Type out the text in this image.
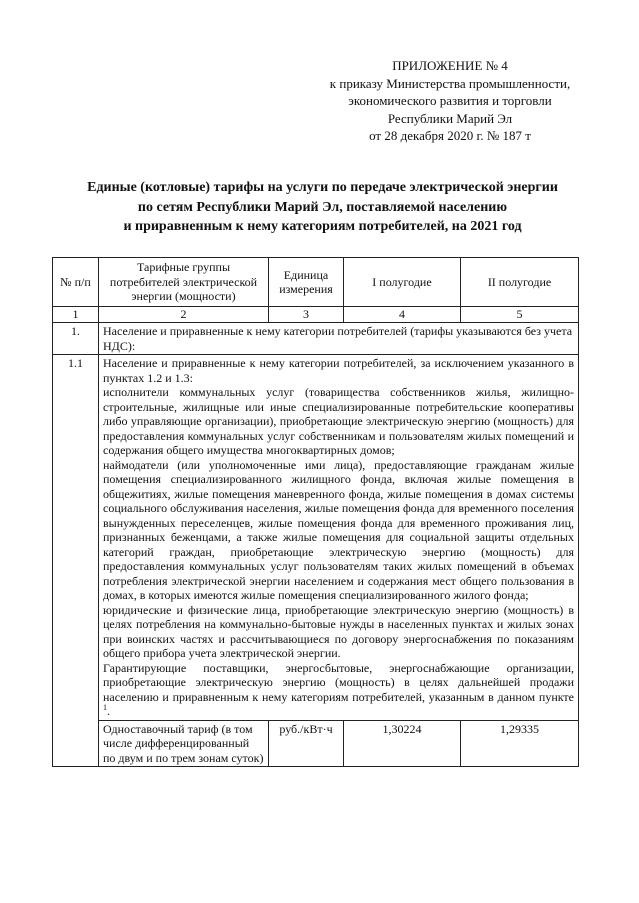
ПРИЛОЖЕНИЕ № 4
к приказу Министерства промышленности,
экономического развития и торговли
Республики Марий Эл
от 28 декабря 2020 г. № 187 т
Единые (котловые) тарифы на услуги по передаче электрической энергии
по сетям Республики Марий Эл, поставляемой населению
и приравненным к нему категориям потребителей, на 2021 год
№ п/п	Тарифные группы потребителей электрической энергии (мощности)	Единица измерения	I полугодие	II полугодие
1	2	3	4	5
1.	Население и приравненные к нему категории потребителей (тарифы указываются без учета НДС):			
1.1	Население и приравненные к нему категории потребителей, за исключением указанного в пунктах 1.2 и 1.3:
исполнители коммунальных услуг (товарищества собственников жилья, жилищно-строительные, жилищные или иные специализированные потребительские кооперативы либо управляющие организации), приобретающие электрическую энергию (мощность) для предоставления коммунальных услуг собственникам и пользователям жилых помещений и содержания общего имущества многоквартирных домов;
наймодатели (или уполномоченные ими лица), предоставляющие гражданам жилые помещения специализированного жилищного фонда, включая жилые помещения в общежитиях, жилые помещения маневренного фонда, жилые помещения в домах системы социального обслуживания населения, жилые помещения фонда для временного поселения вынужденных переселенцев, жилые помещения фонда для временного проживания лиц, признанных беженцами, а также жилые помещения для социальной защиты отдельных категорий граждан, приобретающие электрическую энергию (мощность) для предоставления коммунальных услуг пользователям таких жилых помещений в объемах потребления электрической энергии населением и содержания мест общего пользования в домах, в которых имеются жилые помещения специализированного жилого фонда;
юридические и физические лица, приобретающие электрическую энергию (мощность) в целях потребления на коммунально-бытовые нужды в населенных пунктах и жилых зонах при воинских частях и рассчитывающиеся по договору энергоснабжения по показаниям общего прибора учета электрической энергии.
Гарантирующие поставщики, энергосбытовые, энергоснабжающие организации, приобретающие электрическую энергию (мощность) в целях дальнейшей продажи населению и приравненным к нему категориям потребителей, указанным в данном пункте $^1$.			

	Одноставочный тариф (в том числе дифференцированный по двум и по трем зонам суток)	руб./кВт·ч	1,30224	1,29335
